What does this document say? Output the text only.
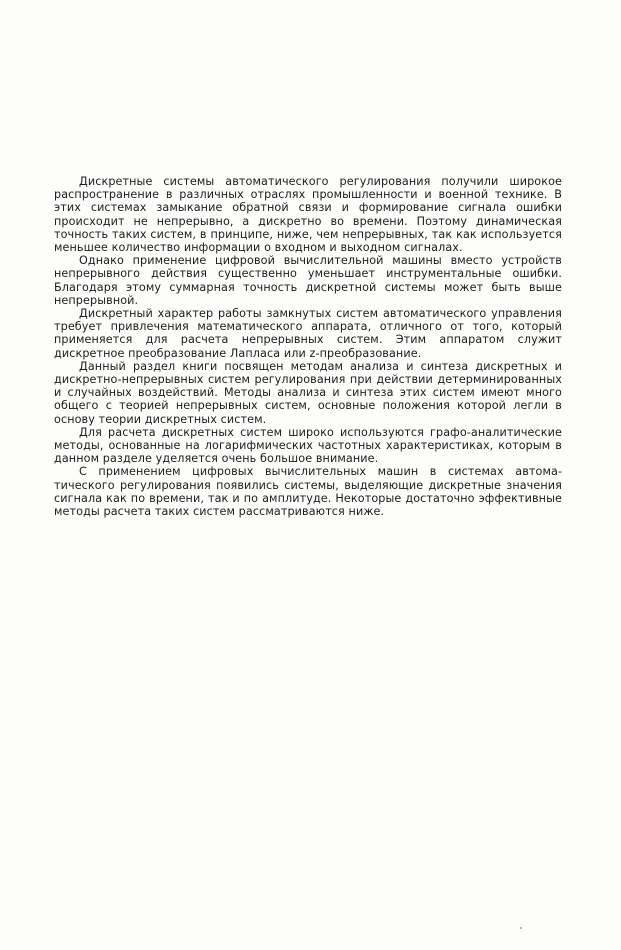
Дискретные системы автоматического регулирования получили широкое распространение в различных отраслях промышленности и военной технике. В этих системах замыкание обратной связи и формирование сигнала ошибки происходит не непрерывно, а дискретно во времени. Поэтому динамическая точность таких систем, в принципе, ниже, чем непрерывных, так как используется меньшее количество информации о входном и выходном сигналах.

Однако применение цифровой вычислительной машины вместо устройств непрерывного действия существенно уменьшает инструментальные ошибки. Благодаря этому суммарная точность дискретной системы может быть выше непрерывной.

Дискретный характер работы замкнутых систем автоматического управления требует привлечения математического аппарата, отличного от того, который применяется для расчета непрерывных систем. Этим аппаратом служит дискретное преобразование Лапласа или z-преобразование.

Данный раздел книги посвящен методам анализа и синтеза дискретных и дискретно-непрерывных систем регулирования при действии детерминированных и случайных воздействий. Методы анализа и синтеза этих систем имеют много общего с теорией непрерывных систем, основные положения которой легли в основу теории дискретных систем.

Для расчета дискретных систем широко используются графо-аналитические методы, основанные на логарифмических частотных характеристиках, которым в данном разделе уделяется очень большое внимание.

С применением цифровых вычислительных машин в системах автоматического регулирования появились системы, выделяющие дискретные значения сигнала как по времени, так и по амплитуде. Некоторые достаточно эффективные методы расчета таких систем рассматриваются ниже.
